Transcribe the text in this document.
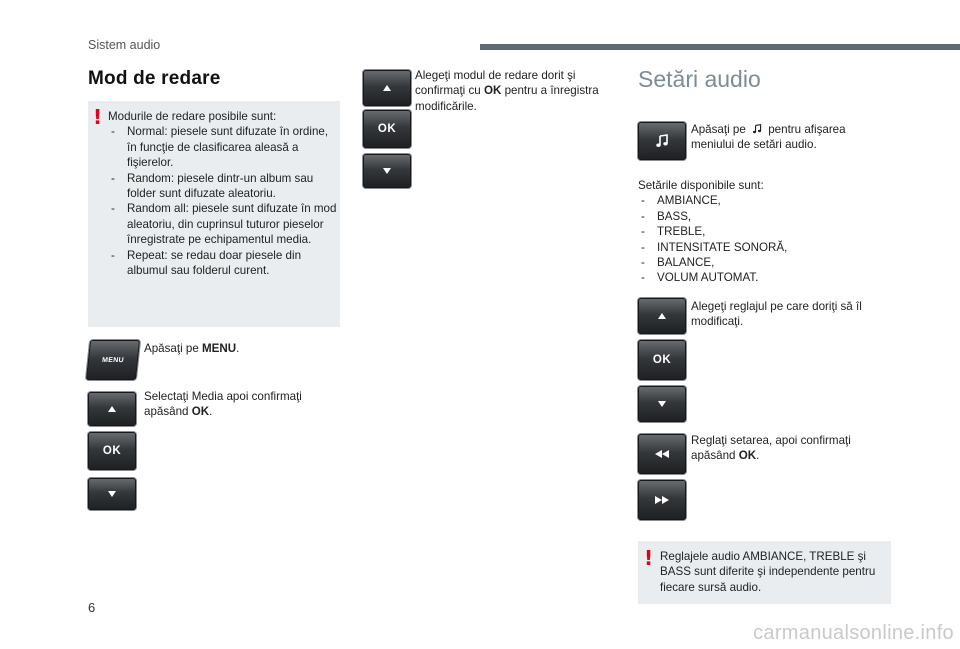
Sistem audio
Mod de redare
! Modurile de redare posibile sunt:
- Normal: piesele sunt difuzate în ordine, în funcţie de clasificarea aleasă a fişierelor.
- Random: piesele dintr-un album sau folder sunt difuzate aleatoriu.
- Random all: piesele sunt difuzate în mod aleatoriu, din cuprinsul tuturor pieselor înregistrate pe echipamentul media.
- Repeat: se redau doar piesele din albumul sau folderul curent.
MENU
Apăsaţi pe MENU.
OK
Selectaţi Media apoi confirmaţi apăsând OK.
OK
Alegeţi modul de redare dorit şi confirmaţi cu OK pentru a înregistra modificările.
Setări audio
Apăsaţi pe  pentru afişarea meniului de setări audio.
Setările disponibile sunt:
- AMBIANCE,
- BASS,
- TREBLE,
- INTENSITATE SONORĂ,
- BALANCE,
- VOLUM AUTOMAT.
OK
Alegeţi reglajul pe care doriţi să îl modificaţi.
Reglaţi setarea, apoi confirmaţi apăsând OK.
! Reglajele audio AMBIANCE, TREBLE şi BASS sunt diferite şi independente pentru fiecare sursă audio.
6
carmanualsonline.info
